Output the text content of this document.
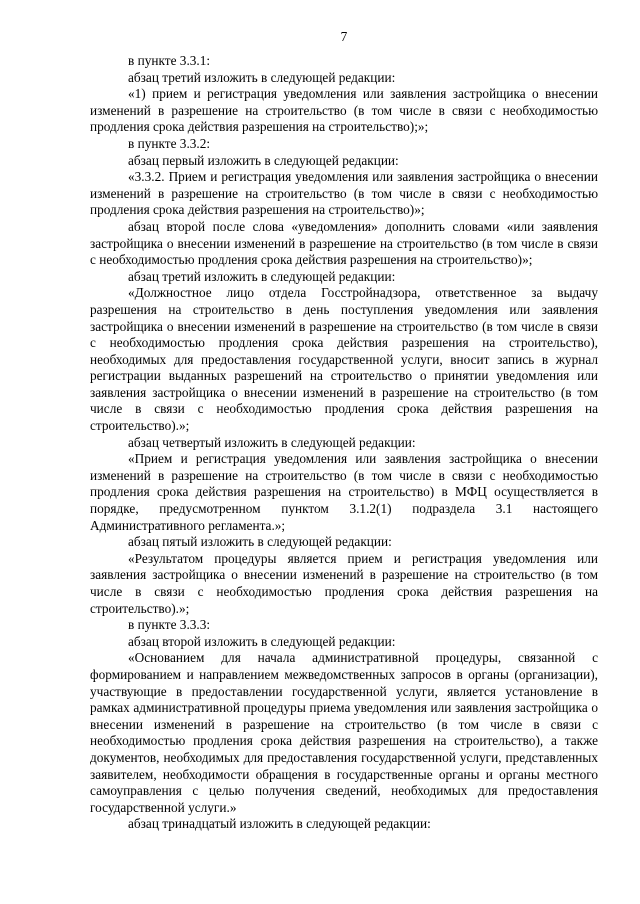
7

в пункте 3.3.1:

абзац третий изложить в следующей редакции:

«1) прием и регистрация уведомления или заявления застройщика о внесении изменений в разрешение на строительство (в том числе в связи с необходимостью продления срока действия разрешения на строительство);»;

в пункте 3.3.2:

абзац первый изложить в следующей редакции:

«3.3.2. Прием и регистрация уведомления или заявления застройщика о внесении изменений в разрешение на строительство (в том числе в связи с необходимостью продления срока действия разрешения на строительство)»;

абзац второй после слова «уведомления» дополнить словами «или заявления застройщика о внесении изменений в разрешение на строительство (в том числе в связи с необходимостью продления срока действия разрешения на строительство)»;

абзац третий изложить в следующей редакции:

«Должностное лицо отдела Госстройнадзора, ответственное за выдачу разрешения на строительство в день поступления уведомления или заявления застройщика о внесении изменений в разрешение на строительство (в том числе в связи с необходимостью продления срока действия разрешения на строительство), необходимых для предоставления государственной услуги, вносит запись в журнал регистрации выданных разрешений на строительство о принятии уведомления или заявления застройщика о внесении изменений в разрешение на строительство (в том числе в связи с необходимостью продления срока действия разрешения на строительство).»;

абзац четвертый изложить в следующей редакции:

«Прием и регистрация уведомления или заявления застройщика о внесении изменений в разрешение на строительство (в том числе в связи с необходимостью продления срока действия разрешения на строительство) в МФЦ осуществляется в порядке, предусмотренном пунктом 3.1.2(1) подраздела 3.1 настоящего Административного регламента.»;

абзац пятый изложить в следующей редакции:

«Результатом процедуры является прием и регистрация уведомления или заявления застройщика о внесении изменений в разрешение на строительство (в том числе в связи с необходимостью продления срока действия разрешения на строительство).»;

в пункте 3.3.3:

абзац второй изложить в следующей редакции:

«Основанием для начала административной процедуры, связанной с формированием и направлением межведомственных запросов в органы (организации), участвующие в предоставлении государственной услуги, является установление в рамках административной процедуры приема уведомления или заявления застройщика о внесении изменений в разрешение на строительство (в том числе в связи с необходимостью продления срока действия разрешения на строительство), а также документов, необходимых для предоставления государственной услуги, представленных заявителем, необходимости обращения в государственные органы и органы местного самоуправления с целью получения сведений, необходимых для предоставления государственной услуги.»

абзац тринадцатый изложить в следующей редакции:
